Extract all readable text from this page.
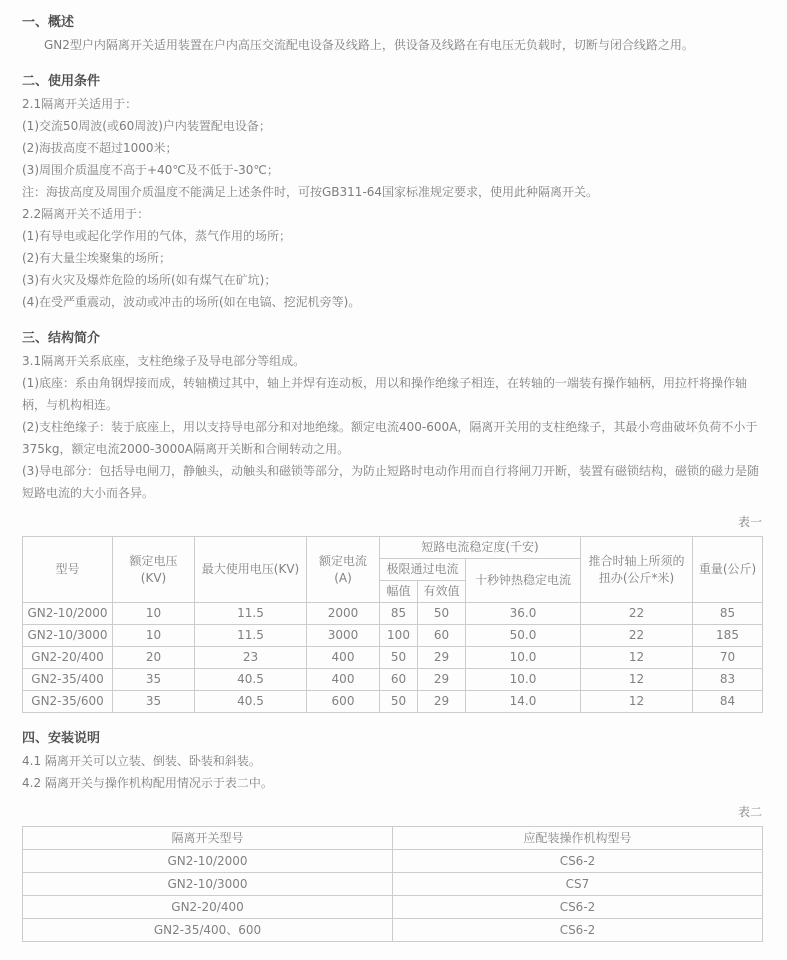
一、概述

GN2型户内隔离开关适用装置在户内高压交流配电设备及线路上，供设备及线路在有电压无负载时，切断与闭合线路之用。

二、使用条件

2.1隔离开关适用于：

(1)交流50周波(或60周波)户内装置配电设备；

(2)海拔高度不超过1000米；

(3)周围介质温度不高于+40℃及不低于-30℃；

注：海拔高度及周围介质温度不能满足上述条件时，可按GB311-64国家标准规定要求，使用此种隔离开关。

2.2隔离开关不适用于：

(1)有导电或起化学作用的气体，蒸气作用的场所；

(2)有大量尘埃聚集的场所；

(3)有火灾及爆炸危险的场所(如有煤气在矿坑)；

(4)在受严重震动，波动或冲击的场所(如在电镐、挖泥机旁等)。

三、结构简介

3.1隔离开关系底座，支柱绝缘子及导电部分等组成。

(1)底座：系由角钢焊接而成，转轴横过其中，轴上并焊有连动板，用以和操作绝缘子相连，在转轴的一端装有操作轴柄，用拉杆将操作轴柄，与机构相连。

(2)支柱绝缘子：装于底座上，用以支持导电部分和对地绝缘。额定电流400-600A，隔离开关用的支柱绝缘子，其最小弯曲破坏负荷不小于375kg，额定电流2000-3000A隔离开关断和合闸转动之用。

(3)导电部分：包括导电闸刀，静触头，动触头和磁锁等部分，为防止短路时电动作用而自行将闸刀开断，装置有磁锁结构，磁锁的磁力是随短路电流的大小而各异。

表一
型号	额定电压(KV)	最大使用电压(KV)	额定电流(A)	短路电流稳定度(千安)			推合时轴上所须的扭办(公斤*米)	重量(公斤)
				极限通过电流		十秒钟热稳定电流		
				幅值	有效值			
GN2-10/2000	10	11.5	2000	85	50	36.0	22	85
GN2-10/3000	10	11.5	3000	100	60	50.0	22	185
GN2-20/400	20	23	400	50	29	10.0	12	70
GN2-35/400	35	40.5	400	60	29	10.0	12	83
GN2-35/600	35	40.5	600	50	29	14.0	12	84
四、安装说明

4.1 隔离开关可以立装、倒装、卧装和斜装。

4.2 隔离开关与操作机构配用情况示于表二中。

表二
隔离开关型号	应配装操作机构型号
GN2-10/2000	CS6-2
GN2-10/3000	CS7
GN2-20/400	CS6-2
GN2-35/400、600	CS6-2
